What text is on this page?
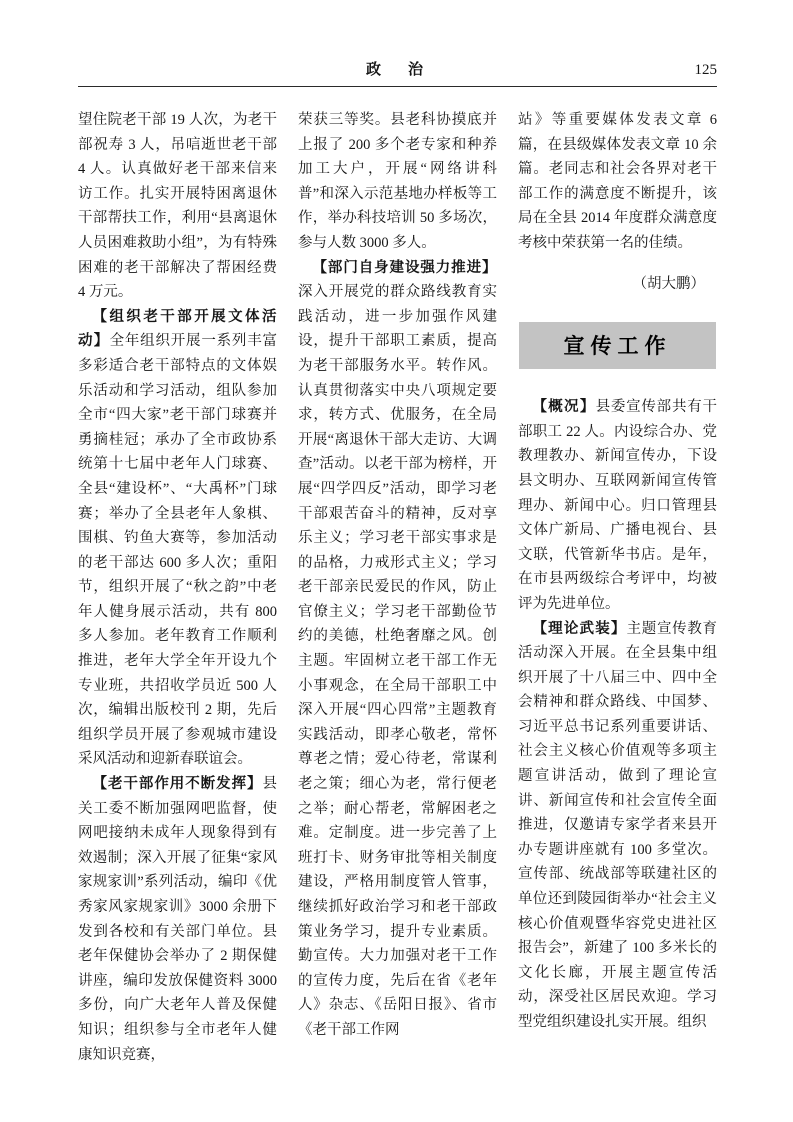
政　治	125

望住院老干部 19 人次，为老干部祝寿 3 人，吊唁逝世老干部 4 人。认真做好老干部来信来访工作。扎实开展特困离退休干部帮扶工作，利用“县离退休人员困难救助小组”，为有特殊困难的老干部解决了帮困经费 4 万元。

【组织老干部开展文体活动】全年组织开展一系列丰富多彩适合老干部特点的文体娱乐活动和学习活动，组队参加全市“四大家”老干部门球赛并勇摘桂冠；承办了全市政协系统第十七届中老年人门球赛、全县“建设杯”、“大禹杯”门球赛；举办了全县老年人象棋、围棋、钓鱼大赛等，参加活动的老干部达 600 多人次；重阳节，组织开展了“秋之韵”中老年人健身展示活动，共有 800 多人参加。老年教育工作顺利推进，老年大学全年开设九个专业班，共招收学员近 500 人次，编辑出版校刊 2 期，先后组织学员开展了参观城市建设采风活动和迎新春联谊会。

【老干部作用不断发挥】县关工委不断加强网吧监督，使网吧接纳未成年人现象得到有效遏制；深入开展了征集“家风家规家训”系列活动，编印《优秀家风家规家训》3000 余册下发到各校和有关部门单位。县老年保健协会举办了 2 期保健讲座，编印发放保健资料 3000 多份，向广大老年人普及保健知识；组织参与全市老年人健康知识竞赛，

荣获三等奖。县老科协摸底并上报了 200 多个老专家和种养加工大户，开展“网络讲科普”和深入示范基地办样板等工作，举办科技培训 50 多场次，参与人数 3000 多人。

【部门自身建设强力推进】深入开展党的群众路线教育实践活动，进一步加强作风建设，提升干部职工素质，提高为老干部服务水平。转作风。认真贯彻落实中央八项规定要求，转方式、优服务，在全局开展“离退休干部大走访、大调查”活动。以老干部为榜样，开展“四学四反”活动，即学习老干部艰苦奋斗的精神，反对享乐主义；学习老干部实事求是的品格，力戒形式主义；学习老干部亲民爱民的作风，防止官僚主义；学习老干部勤俭节约的美德，杜绝奢靡之风。创主题。牢固树立老干部工作无小事观念，在全局干部职工中深入开展“四心四常”主题教育实践活动，即孝心敬老，常怀尊老之情；爱心待老，常谋利老之策；细心为老，常行便老之举；耐心帮老，常解困老之难。定制度。进一步完善了上班打卡、财务审批等相关制度建设，严格用制度管人管事，继续抓好政治学习和老干部政策业务学习，提升专业素质。勤宣传。大力加强对老干工作的宣传力度，先后在省《老年人》杂志、《岳阳日报》、省市《老干部工作网

站》等重要媒体发表文章 6 篇，在县级媒体发表文章 10 余篇。老同志和社会各界对老干部工作的满意度不断提升，该局在全县 2014 年度群众满意度考核中荣获第一名的佳绩。

（胡大鹏）
宣传工作

【概况】县委宣传部共有干部职工 22 人。内设综合办、党教理教办、新闻宣传办，下设县文明办、互联网新闻宣传管理办、新闻中心。归口管理县文体广新局、广播电视台、县文联，代管新华书店。是年，在市县两级综合考评中，均被评为先进单位。

【理论武装】主题宣传教育活动深入开展。在全县集中组织开展了十八届三中、四中全会精神和群众路线、中国梦、习近平总书记系列重要讲话、社会主义核心价值观等多项主题宣讲活动，做到了理论宣讲、新闻宣传和社会宣传全面推进，仅邀请专家学者来县开办专题讲座就有 100 多堂次。宣传部、统战部等联建社区的单位还到陵园街举办“社会主义核心价值观暨华容党史进社区报告会”，新建了 100 多米长的文化长廊，开展主题宣传活动，深受社区居民欢迎。学习型党组织建设扎实开展。组织
